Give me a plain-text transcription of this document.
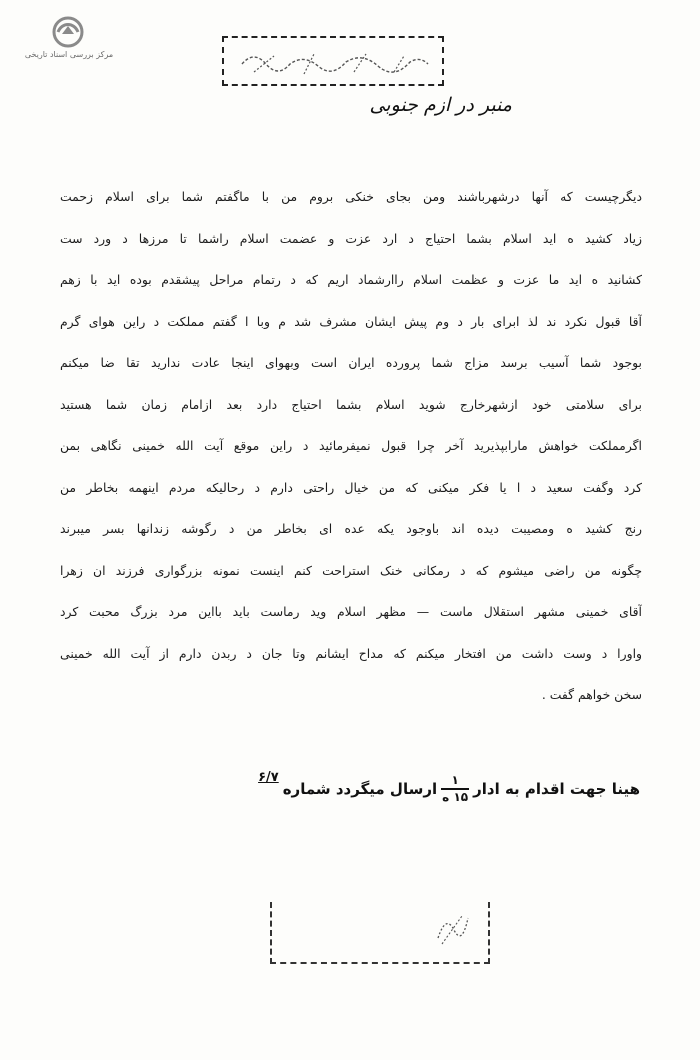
مرکز بررسی اسناد تاریخی
منبر در ازم جنوبی
دیگرچیست که آنها درشهرباشند ومن بجای خنکی بروم من با ماگفتم شما برای اسلام زحمت
زیاد کشید ه اید اسلام بشما احتیاج د ارد عزت و عضمت اسلام راشما تا مرزها د ورد ست
کشانید ه اید ما عزت و عظمت اسلام راارشماد اریم که د رتمام مراحل پیشقدم بوده اید با زهم
آقا قبول نکرد ند لذ ابرای بار د وم پیش ایشان مشرف شد م وبا ا گفتم مملکت د راین هوای گرم
بوجود شما آسیب برسد مزاج شما پرورده ایران است وبهوای اینجا عادت ندارید تقا ضا میکنم
برای سلامتی خود ازشهرخارج شوید اسلام بشما احتیاج دارد بعد ازامام زمان شما هستید
اگرمملکت خواهش مارابپذیرید آخر چرا قبول نمیفرمائید د راین موقع آیت الله خمینی نگاهی بمن
کرد وگفت سعید د ا یا فکر میکنی که من خیال راحتی دارم د رحالیکه مردم اینهمه بخاطر من
رنج کشید ه ومصیبت دیده اند باوجود یکه عده ای بخاطر من د رگوشه زندانها بسر میبرند
چگونه من راضی میشوم که د رمکانی خنک استراحت کنم اینست نمونه بزرگواری فرزند ان زهرا
آقای خمینی مشهر استقلال ماست — مظهر اسلام وید رماست باید بااین مرد بزرگ محبت کرد
واورا د وست داشت من افتخار میکنم که مداح ایشانم وتا جان د ربدن دارم از آیت الله خمینی
سخن خواهم گفت .
هینا جهت اقدام به ادار
$\frac{۱}{\text{۱۵ ه}}$
ارسال میگردد شماره
۶/۷
